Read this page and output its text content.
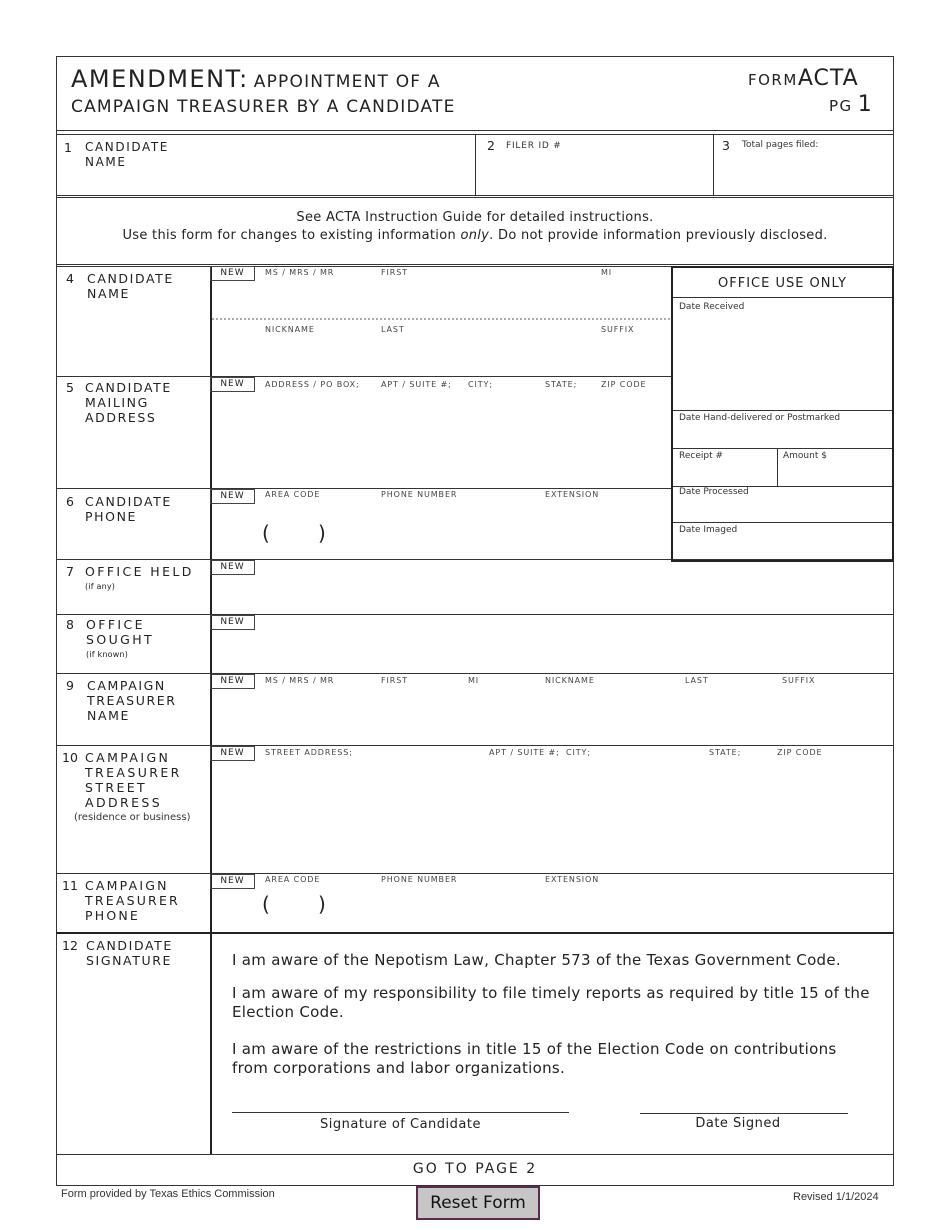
AMENDMENT: APPOINTMENT OF A
CAMPAIGN TREASURER BY A CANDIDATE
FORMACTA
PG 1
1 CANDIDATE
NAME
2 FILER ID #	3 Total pages filed:
See ACTA Instruction Guide for detailed instructions.
Use this form for changes to existing information only. Do not provide information previously disclosed.
4 CANDIDATE
NAME
NEW	MS / MRS / MR	FIRST	MI
NICKNAME	LAST	SUFFIX
5 CANDIDATE
MAILING
ADDRESS
NEW	ADDRESS / PO BOX;	APT / SUITE #; CITY;	STATE;	ZIP CODE
6 CANDIDATE
PHONE
NEW	AREA CODE	PHONE NUMBER	EXTENSION
( )
OFFICE USE ONLY
Date Received
Date Hand-delivered or Postmarked
Receipt #	Amount $
Date Processed
Date Imaged
7 OFFICE HELD
(if any)
NEW
8 OFFICE
SOUGHT
(if known)
NEW
9 CAMPAIGN
TREASURER
NAME
NEW	MS / MRS / MR	FIRST	MI	NICKNAME	LAST	SUFFIX
10 CAMPAIGN
TREASURER
STREET
ADDRESS
(residence or business)
NEW	STREET ADDRESS;	APT / SUITE #; CITY;	STATE;	ZIP CODE
11 CAMPAIGN
TREASURER
PHONE
NEW	AREA CODE	PHONE NUMBER	EXTENSION
( )
12 CANDIDATE
SIGNATURE	I am aware of the Nepotism Law, Chapter 573 of the Texas Government Code.
I am aware of my responsibility to file timely reports as required by title 15 of the Election Code.
I am aware of the restrictions in title 15 of the Election Code on contributions from corporations and labor organizations.
Signature of Candidate	Date Signed
GO TO PAGE 2
Form provided by Texas Ethics Commission	Reset Form	Revised 1/1/2024
